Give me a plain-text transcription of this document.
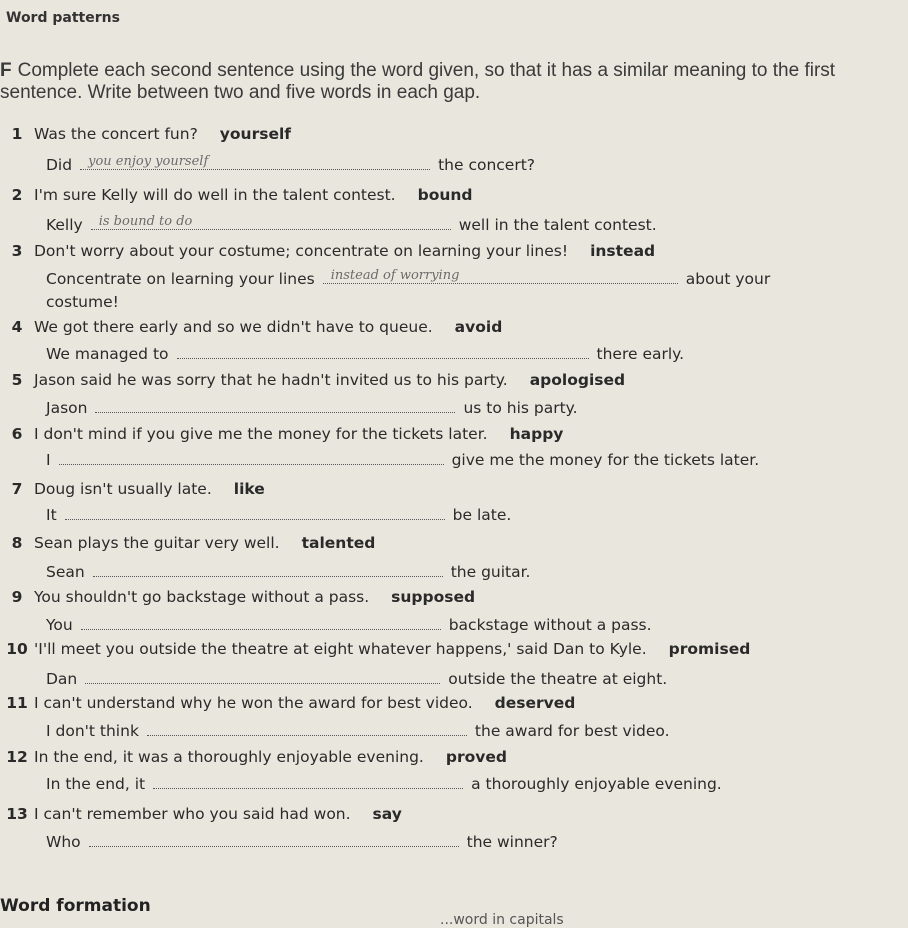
Word patterns
F Complete each second sentence using the word given, so that it has a similar meaning to the first sentence. Write between two and five words in each gap.
1 Was the concert fun? yourself
Did you enjoy yourself	the concert?
2 I'm sure Kelly will do well in the talent contest. bound
Kelly is bound to do	well in the talent contest.
3 Don't worry about your costume; concentrate on learning your lines! instead
Concentrate on learning your lines instead of worrying	about your
costume!
4 We got there early and so we didn't have to queue. avoid
We managed to	there early.
5 Jason said he was sorry that he hadn't invited us to his party. apologised
Jason	us to his party.
6 I don't mind if you give me the money for the tickets later. happy
I	give me the money for the tickets later.
7 Doug isn't usually late. like
It	be late.
8 Sean plays the guitar very well. talented
Sean	the guitar.
9 You shouldn't go backstage without a pass. supposed
You	backstage without a pass.
10 'I'll meet you outside the theatre at eight whatever happens,' said Dan to Kyle. promised
Dan	outside the theatre at eight.
11 I can't understand why he won the award for best video. deserved
I don't think	the award for best video.
12 In the end, it was a thoroughly enjoyable evening. proved
In the end, it	a thoroughly enjoyable evening.
13 I can't remember who you said had won. say
Who	the winner?
Word formation
...word in capitals
